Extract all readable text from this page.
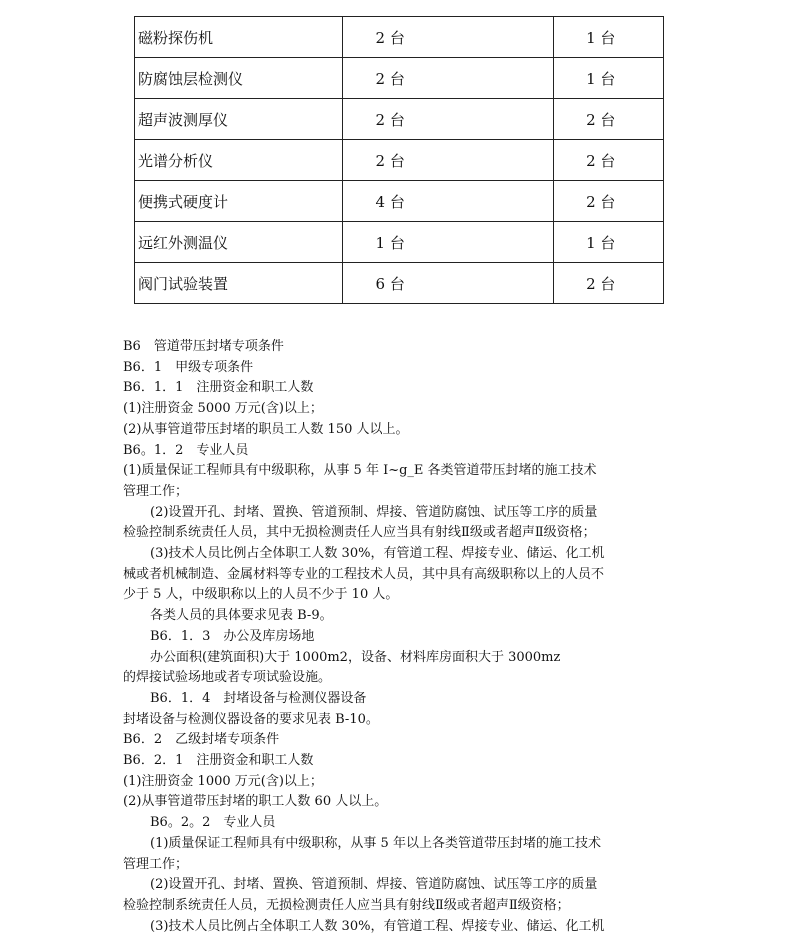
磁粉探伤机	2 台	1 台
防腐蚀层检测仪	2 台	1 台
超声波测厚仪	2 台	2 台
光谱分析仪	2 台	2 台
便携式硬度计	4 台	2 台
远红外测温仪	1 台	1 台
阀门试验装置	6 台	2 台
B6　管道带压封堵专项条件
B6．1　甲级专项条件
B6．1．1　注册资金和职工人数
(1)注册资金 5000 万元(含)以上；
(2)从事管道带压封堵的职员工人数 150 人以上。
B6。1．2　专业人员
(1)质量保证工程师具有中级职称，从事 5 年 I~g_E 各类管道带压封堵的施工技术
管理工作；
(2)设置开孔、封堵、置换、管道预制、焊接、管道防腐蚀、试压等工序的质量
检验控制系统责任人员，其中无损检测责任人应当具有射线Ⅱ级或者超声Ⅱ级资格；
(3)技术人员比例占全体职工人数 30%，有管道工程、焊接专业、储运、化工机
械或者机械制造、金属材料等专业的工程技术人员，其中具有高级职称以上的人员不
少于 5 人，中级职称以上的人员不少于 10 人。
各类人员的具体要求见表 B-9。
B6．1．3　办公及库房场地
办公面积(建筑面积)大于 1000m2，设备、材料库房面积大于 3000mz
的焊接试验场地或者专项试验设施。
B6．1．4　封堵设备与检测仪器设备
封堵设备与检测仪器设备的要求见表 B-10。
B6．2　乙级封堵专项条件
B6．2．1　注册资金和职工人数
(1)注册资金 1000 万元(含)以上；
(2)从事管道带压封堵的职工人数 60 人以上。
B6。2。2　专业人员
(1)质量保证工程师具有中级职称，从事 5 年以上各类管道带压封堵的施工技术
管理工作；
(2)设置开孔、封堵、置换、管道预制、焊接、管道防腐蚀、试压等工序的质量
检验控制系统责任人员，无损检测责任人应当具有射线Ⅱ级或者超声Ⅱ级资格；
(3)技术人员比例占全体职工人数 30%，有管道工程、焊接专业、储运、化工机
